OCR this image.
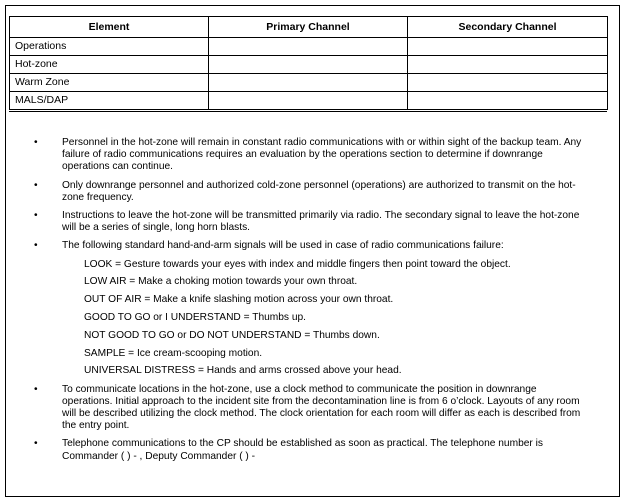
Element	Primary Channel	Secondary Channel
Operations		
Hot-zone		
Warm Zone		
MALS/DAP		
• Personnel in the hot-zone will remain in constant radio communications with or within sight of the backup team. Any failure of radio communications requires an evaluation by the operations section to determine if downrange operations can continue.
• Only downrange personnel and authorized cold-zone personnel (operations) are authorized to transmit on the hot-zone frequency.
• Instructions to leave the hot-zone will be transmitted primarily via radio. The secondary signal to leave the hot-zone will be a series of single, long horn blasts.
• The following standard hand-and-arm signals will be used in case of radio communications failure:
LOOK = Gesture towards your eyes with index and middle fingers then point toward the object.
LOW AIR = Make a choking motion towards your own throat.
OUT OF AIR = Make a knife slashing motion across your own throat.
GOOD TO GO or I UNDERSTAND = Thumbs up.
NOT GOOD TO GO or DO NOT UNDERSTAND = Thumbs down.
SAMPLE = Ice cream-scooping motion.
UNIVERSAL DISTRESS = Hands and arms crossed above your head.
• To communicate locations in the hot-zone, use a clock method to communicate the position in downrange operations. Initial approach to the incident site from the decontamination line is from 6 o’clock. Layouts of any room will be described utilizing the clock method. The clock orientation for each room will differ as each is described from the entry point.
• Telephone communications to the CP should be established as soon as practical. The telephone number is Commander ( ) - , Deputy Commander ( ) -
